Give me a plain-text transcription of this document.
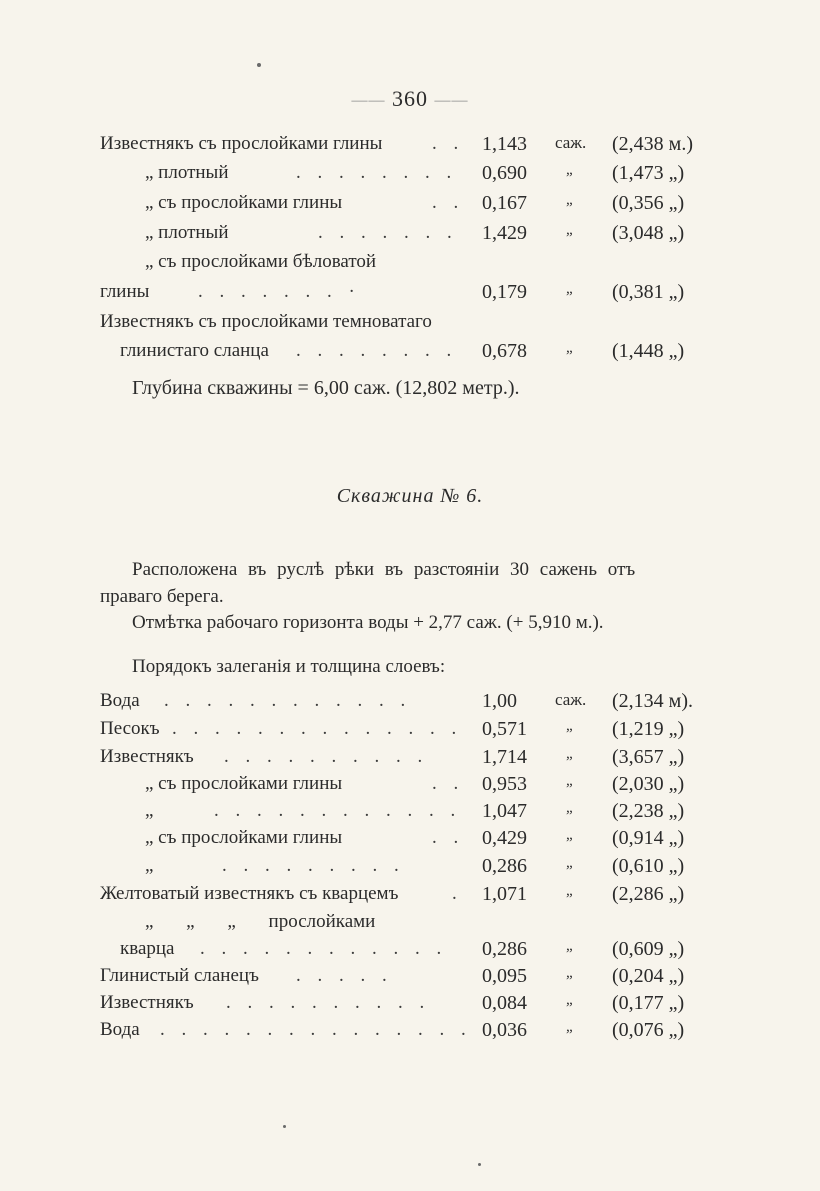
—— 360 ——
Известнякъ съ прослойками глины	. . 1,143 саж. (2,438 м.)
„ плотный	. . . . . . . . 0,690	„ (1,473 „)
„ съ прослойками глины	. . 0,167	„ (0,356 „)
„ плотный	. . . . . . . 1,429	„ (3,048 „)
„ съ прослойками бѣловатой
глины	. . . . . . . ·	0,179	„ (0,381 „)
Известнякъ съ прослойками темноватаго
глинистаго сланца . . . . . . . . 0,678	„ (1,448 „)
Глубина скважины = 6,00 саж. (12,802 метр.).
Скважина № 6.
Расположена въ руслѣ рѣки въ разстояніи 30 сажень отъ
праваго берега.
Отмѣтка рабочаго горизонта воды + 2,77 саж. (+ 5,910 м.).
Порядокъ залеганія и толщина слоевъ:
Вода . . . . . . . . . . . .	1,00 саж. (2,134 м).
Песокъ . . . . . . . . . . . . . . 0,571	„ (1,219 „)
Известнякъ . . . . . . . . . .	1,714	„ (3,657 „)
„ съ прослойками глины	. . 0,953	„ (2,030 „)
„	. . . . . . . . . . . . 1,047	„ (2,238 „)
„ съ прослойками глины	. . 0,429	„ (0,914 „)
„	. . . . . . . . .	0,286	„ (0,610 „)
Желтоватый известнякъ съ кварцемъ	. 1,071	„ (2,286 „)
„ „ „ прослойками
кварца . . . . . . . . . . . . 0,286	„ (0,609 „)
Глинистый сланецъ . . . . .	0,095	„ (0,204 „)
Известнякъ . . . . . . . . . .	0,084	„ (0,177 „)
Вода . . . . . . . . . . . . . . . 0,036	„ (0,076 „)
